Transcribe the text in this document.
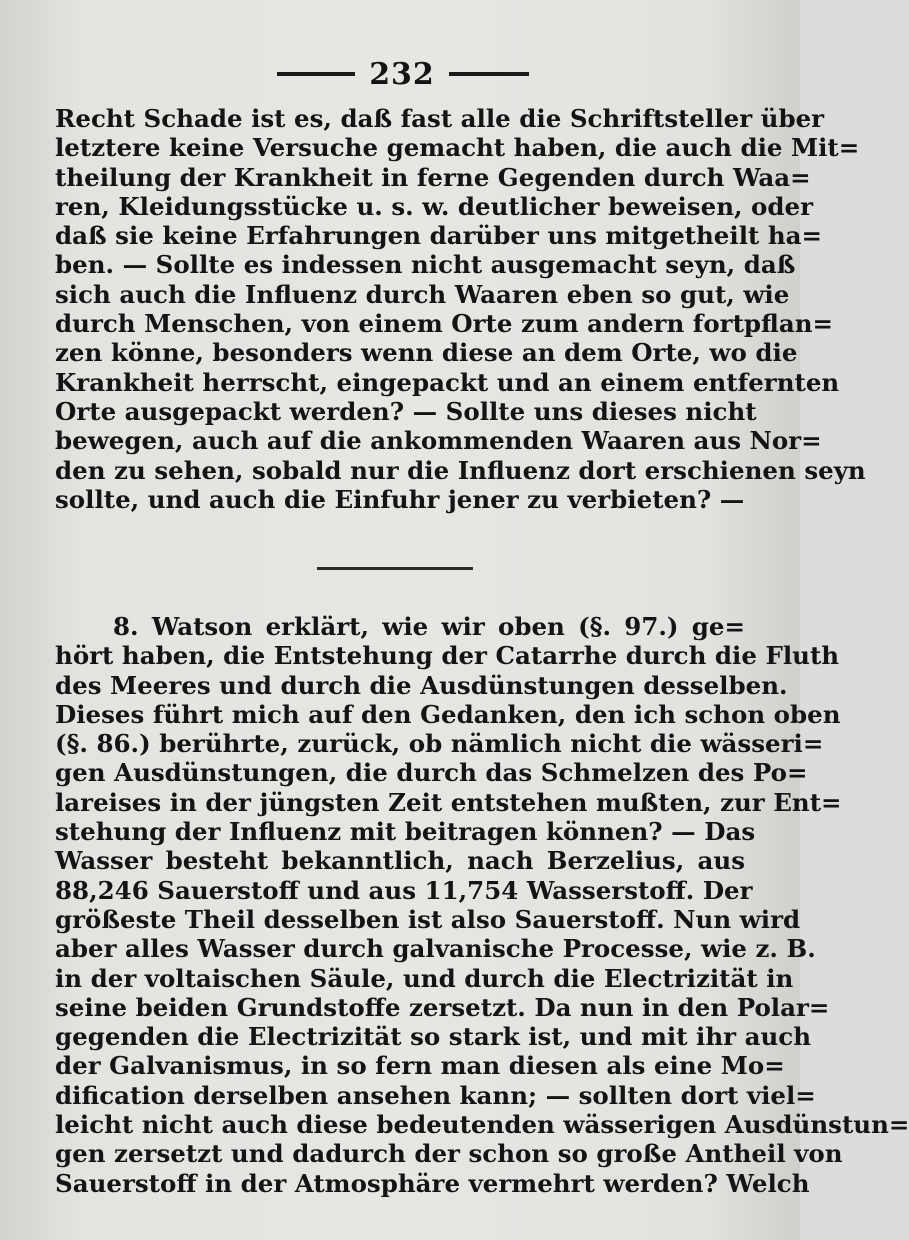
232
Recht Schade ist es, daß fast alle die Schriftsteller über
letztere keine Versuche gemacht haben, die auch die Mit=
theilung der Krankheit in ferne Gegenden durch Waa=
ren, Kleidungsstücke u. s. w. deutlicher beweisen, oder
daß sie keine Erfahrungen darüber uns mitgetheilt ha=
ben. — Sollte es indessen nicht ausgemacht seyn, daß
sich auch die Influenz durch Waaren eben so gut, wie
durch Menschen, von einem Orte zum andern fortpflan=
zen könne, besonders wenn diese an dem Orte, wo die
Krankheit herrscht, eingepackt und an einem entfernten
Orte ausgepackt werden? — Sollte uns dieses nicht
bewegen, auch auf die ankommenden Waaren aus Nor=
den zu sehen, sobald nur die Influenz dort erschienen seyn
sollte, und auch die Einfuhr jener zu verbieten? —
8. Watson erklärt, wie wir oben (§. 97.) ge=
hört haben, die Entstehung der Catarrhe durch die Fluth
des Meeres und durch die Ausdünstungen desselben.
Dieses führt mich auf den Gedanken, den ich schon oben
(§. 86.) berührte, zurück, ob nämlich nicht die wässeri=
gen Ausdünstungen, die durch das Schmelzen des Po=
lareises in der jüngsten Zeit entstehen mußten, zur Ent=
stehung der Influenz mit beitragen können? — Das
Wasser besteht bekanntlich, nach Berzelius, aus
88,246 Sauerstoff und aus 11,754 Wasserstoff. Der
größeste Theil desselben ist also Sauerstoff. Nun wird
aber alles Wasser durch galvanische Processe, wie z. B.
in der voltaischen Säule, und durch die Electrizität in
seine beiden Grundstoffe zersetzt. Da nun in den Polar=
gegenden die Electrizität so stark ist, und mit ihr auch
der Galvanismus, in so fern man diesen als eine Mo=
dification derselben ansehen kann; — sollten dort viel=
leicht nicht auch diese bedeutenden wässerigen Ausdünstun=
gen zersetzt und dadurch der schon so große Antheil von
Sauerstoff in der Atmosphäre vermehrt werden? Welch
